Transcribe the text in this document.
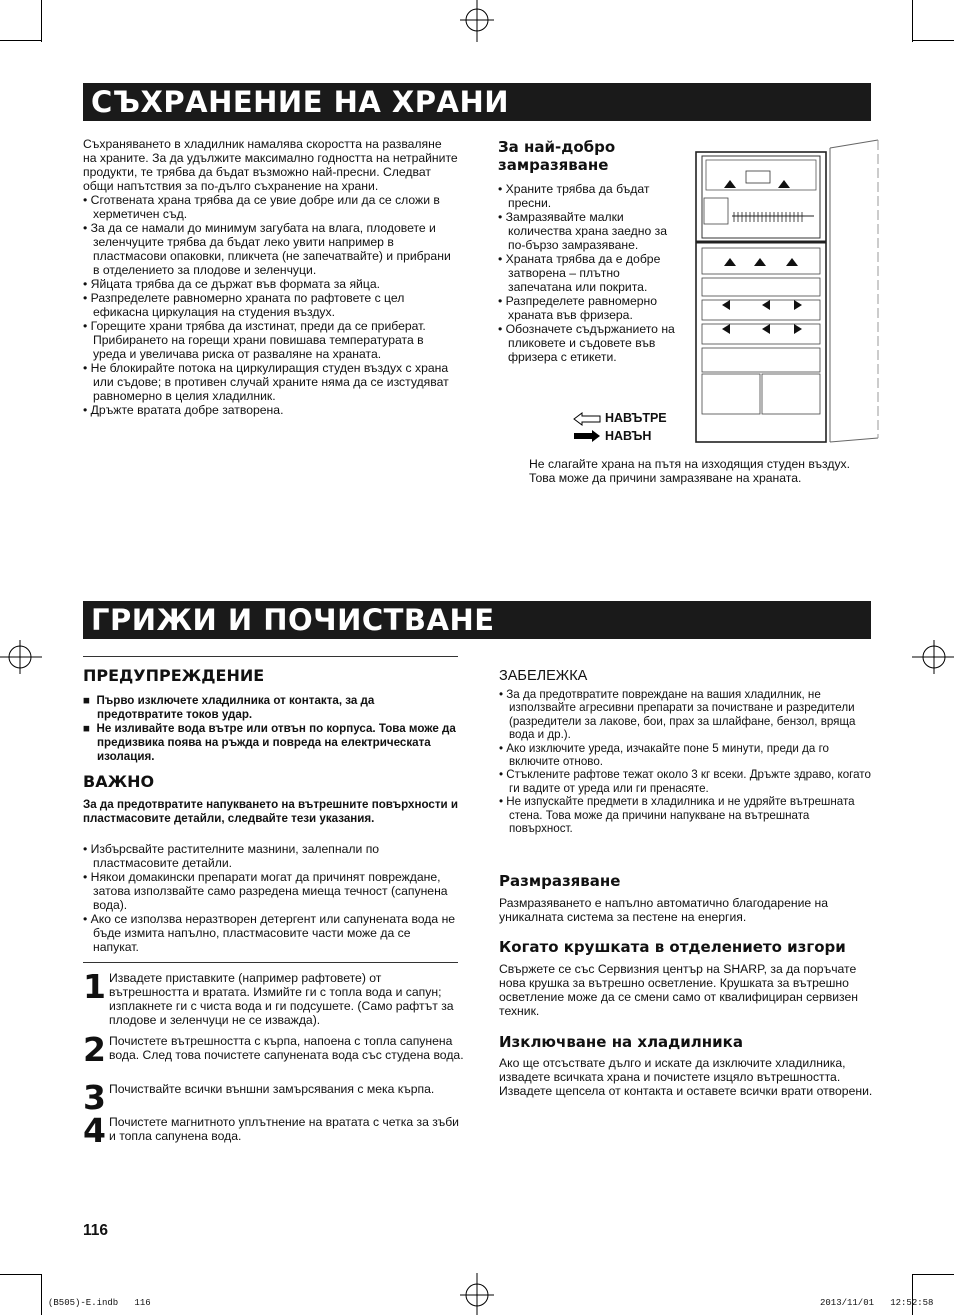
СЪХРАНЕНИЕ НА ХРАНИ

Съхраняването в хладилник намалява скоростта на разваляне на храните. За да удължите максимално годността на нетрайните продукти, те трябва да бъдат възможно най-пресни. Следват общи напътствия за по-дълго съхранение на храни.

• Сготвената храна трябва да се увие добре или да се сложи в херметичен съд.

• За да се намали до минимум загубата на влага, плодовете и зеленчуците трябва да бъдат леко увити например в пластмасови опаковки, пликчета (не запечатвайте) и прибрани в отделението за плодове и зеленчуци.

• Яйцата трябва да се държат във формата за яйца.

• Разпределете равномерно храната по рафтовете с цел ефикасна циркулация на студения въздух.

• Горещите храни трябва да изстинат, преди да се приберат. Прибирането на горещи храни повишава температурата в уреда и увеличава риска от разваляне на храната.

• Не блокирайте потока на циркулиращия студен въздух с храна или съдове; в противен случай храните няма да се изстудяват равномерно в целия хладилник.

• Дръжте вратата добре затворена.

За най-добро замразяване

• Храните трябва да бъдат пресни.

• Замразявайте малки количества храна заедно за по-бързо замразяване.

• Храната трябва да е добре затворена – плътно запечатана или покрита.

• Разпределете равномерно храната във фризера.

• Обозначете съдържанието на пликовете и съдовете във фризера с етикети.

НАВЪТРЕ
НАВЪН
Не слагайте храна на пътя на изходящия студен въздух. Това може да причини замразяване на храната.
ГРИЖИ И ПОЧИСТВАНЕ
ПРЕДУПРЕЖДЕНИЕ

■  Първо изключете хладилника от контакта, за да предотвратите токов удар.

■  Не изливайте вода вътре или отвън по корпуса. Това може да предизвика поява на ръжда и повреда на електрическата изолация.

ВАЖНО
За да предотвратите напукването на вътрешните повърхности и пластмасовите детайли, следвайте тези указания.

• Избърсвайте растителните мазнини, залепнали по пластмасовите детайли.

• Някои домакински препарати могат да причинят повреждане, затова използвайте само разредена миеща течност (сапунена вода).

• Ако се използва неразтворен детергент или сапунената вода не бъде измита напълно, пластмасовите части може да се напукат.

1 Извадете приставките (например рафтовете) от вътрешността и вратата. Измийте ги с топла вода и сапун; изплакнете ги с чиста вода и ги подсушете. (Само рафтът за плодове и зеленчуци не се изважда).
2 Почистете вътрешността с кърпа, напоена с топла сапунена вода. След това почистете сапунената вода със студена вода.
3 Почиствайте всички външни замърсявания с мека кърпа.
4 Почистете магнитното уплътнение на вратата с четка за зъби и топла сапунена вода.
ЗАБЕЛЕЖКА

• За да предотвратите повреждане на вашия хладилник, не използвайте агресивни препарати за почистване и разредители (разредители за лакове, бои, прах за шлайфане, бензол, вряща вода и др.).

• Ако изключите уреда, изчакайте поне 5 минути, преди да го включите отново.

• Стъклените рафтове тежат около 3 кг всеки. Дръжте здраво, когато ги вадите от уреда или ги пренасяте.

• Не изпускайте предмети в хладилника и не удряйте вътрешната стена. Това може да причини напукване на вътрешната повърхност.

Размразяване
Размразяването е напълно автоматично благодарение на уникалната система за пестене на енергия.
Когато крушката в отделението изгори
Свържете се със Сервизния център на SHARP, за да поръчате нова крушка за вътрешно осветление. Крушката за вътрешно осветление може да се смени само от квалифициран сервизен техник.
Изключване на хладилника
Ако ще отсъствате дълго и искате да изключите хладилника, извадете всичката храна и почистете изцяло вътрешността. Извадете щепсела от контакта и оставете всички врати отворени.
116
(B505)-E.indb   116	2013/11/01   12:52:58
